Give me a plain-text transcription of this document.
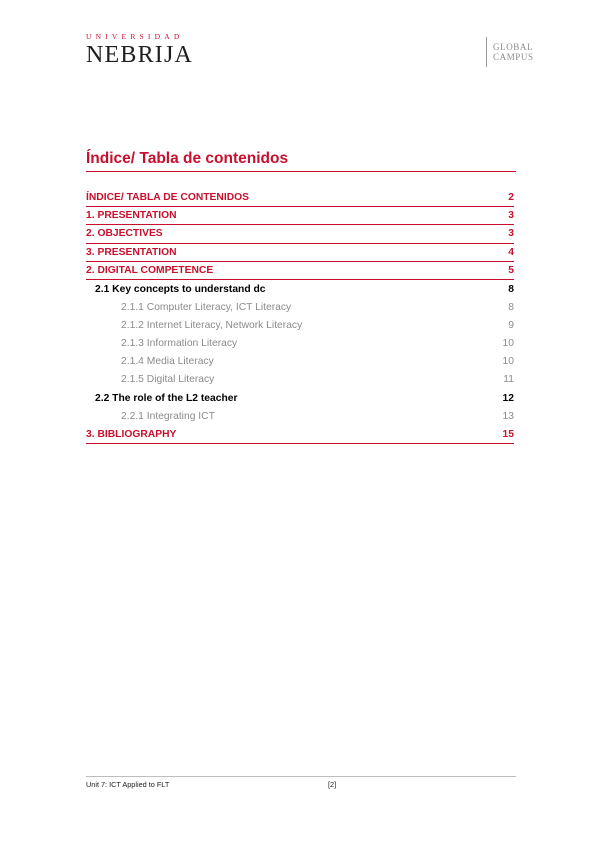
UNIVERSIDAD
NEBRIJA	GLOBAL
CAMPUS
Índice/ Tabla de contenidos
ÍNDICE/ TABLA DE CONTENIDOS	2
1. PRESENTATION	3
2. OBJECTIVES	3
3. PRESENTATION	4
2. DIGITAL COMPETENCE	5
2.1 Key concepts to understand dc	8
2.1.1 Computer Literacy, ICT Literacy	8
2.1.2 Internet Literacy, Network Literacy	9
2.1.3 Information Literacy	10
2.1.4 Media Literacy	10
2.1.5 Digital Literacy	11
2.2 The role of the L2 teacher	12
2.2.1 Integrating ICT	13
3. BIBLIOGRAPHY	15
Unit 7: ICT Applied to FLT	[2]
